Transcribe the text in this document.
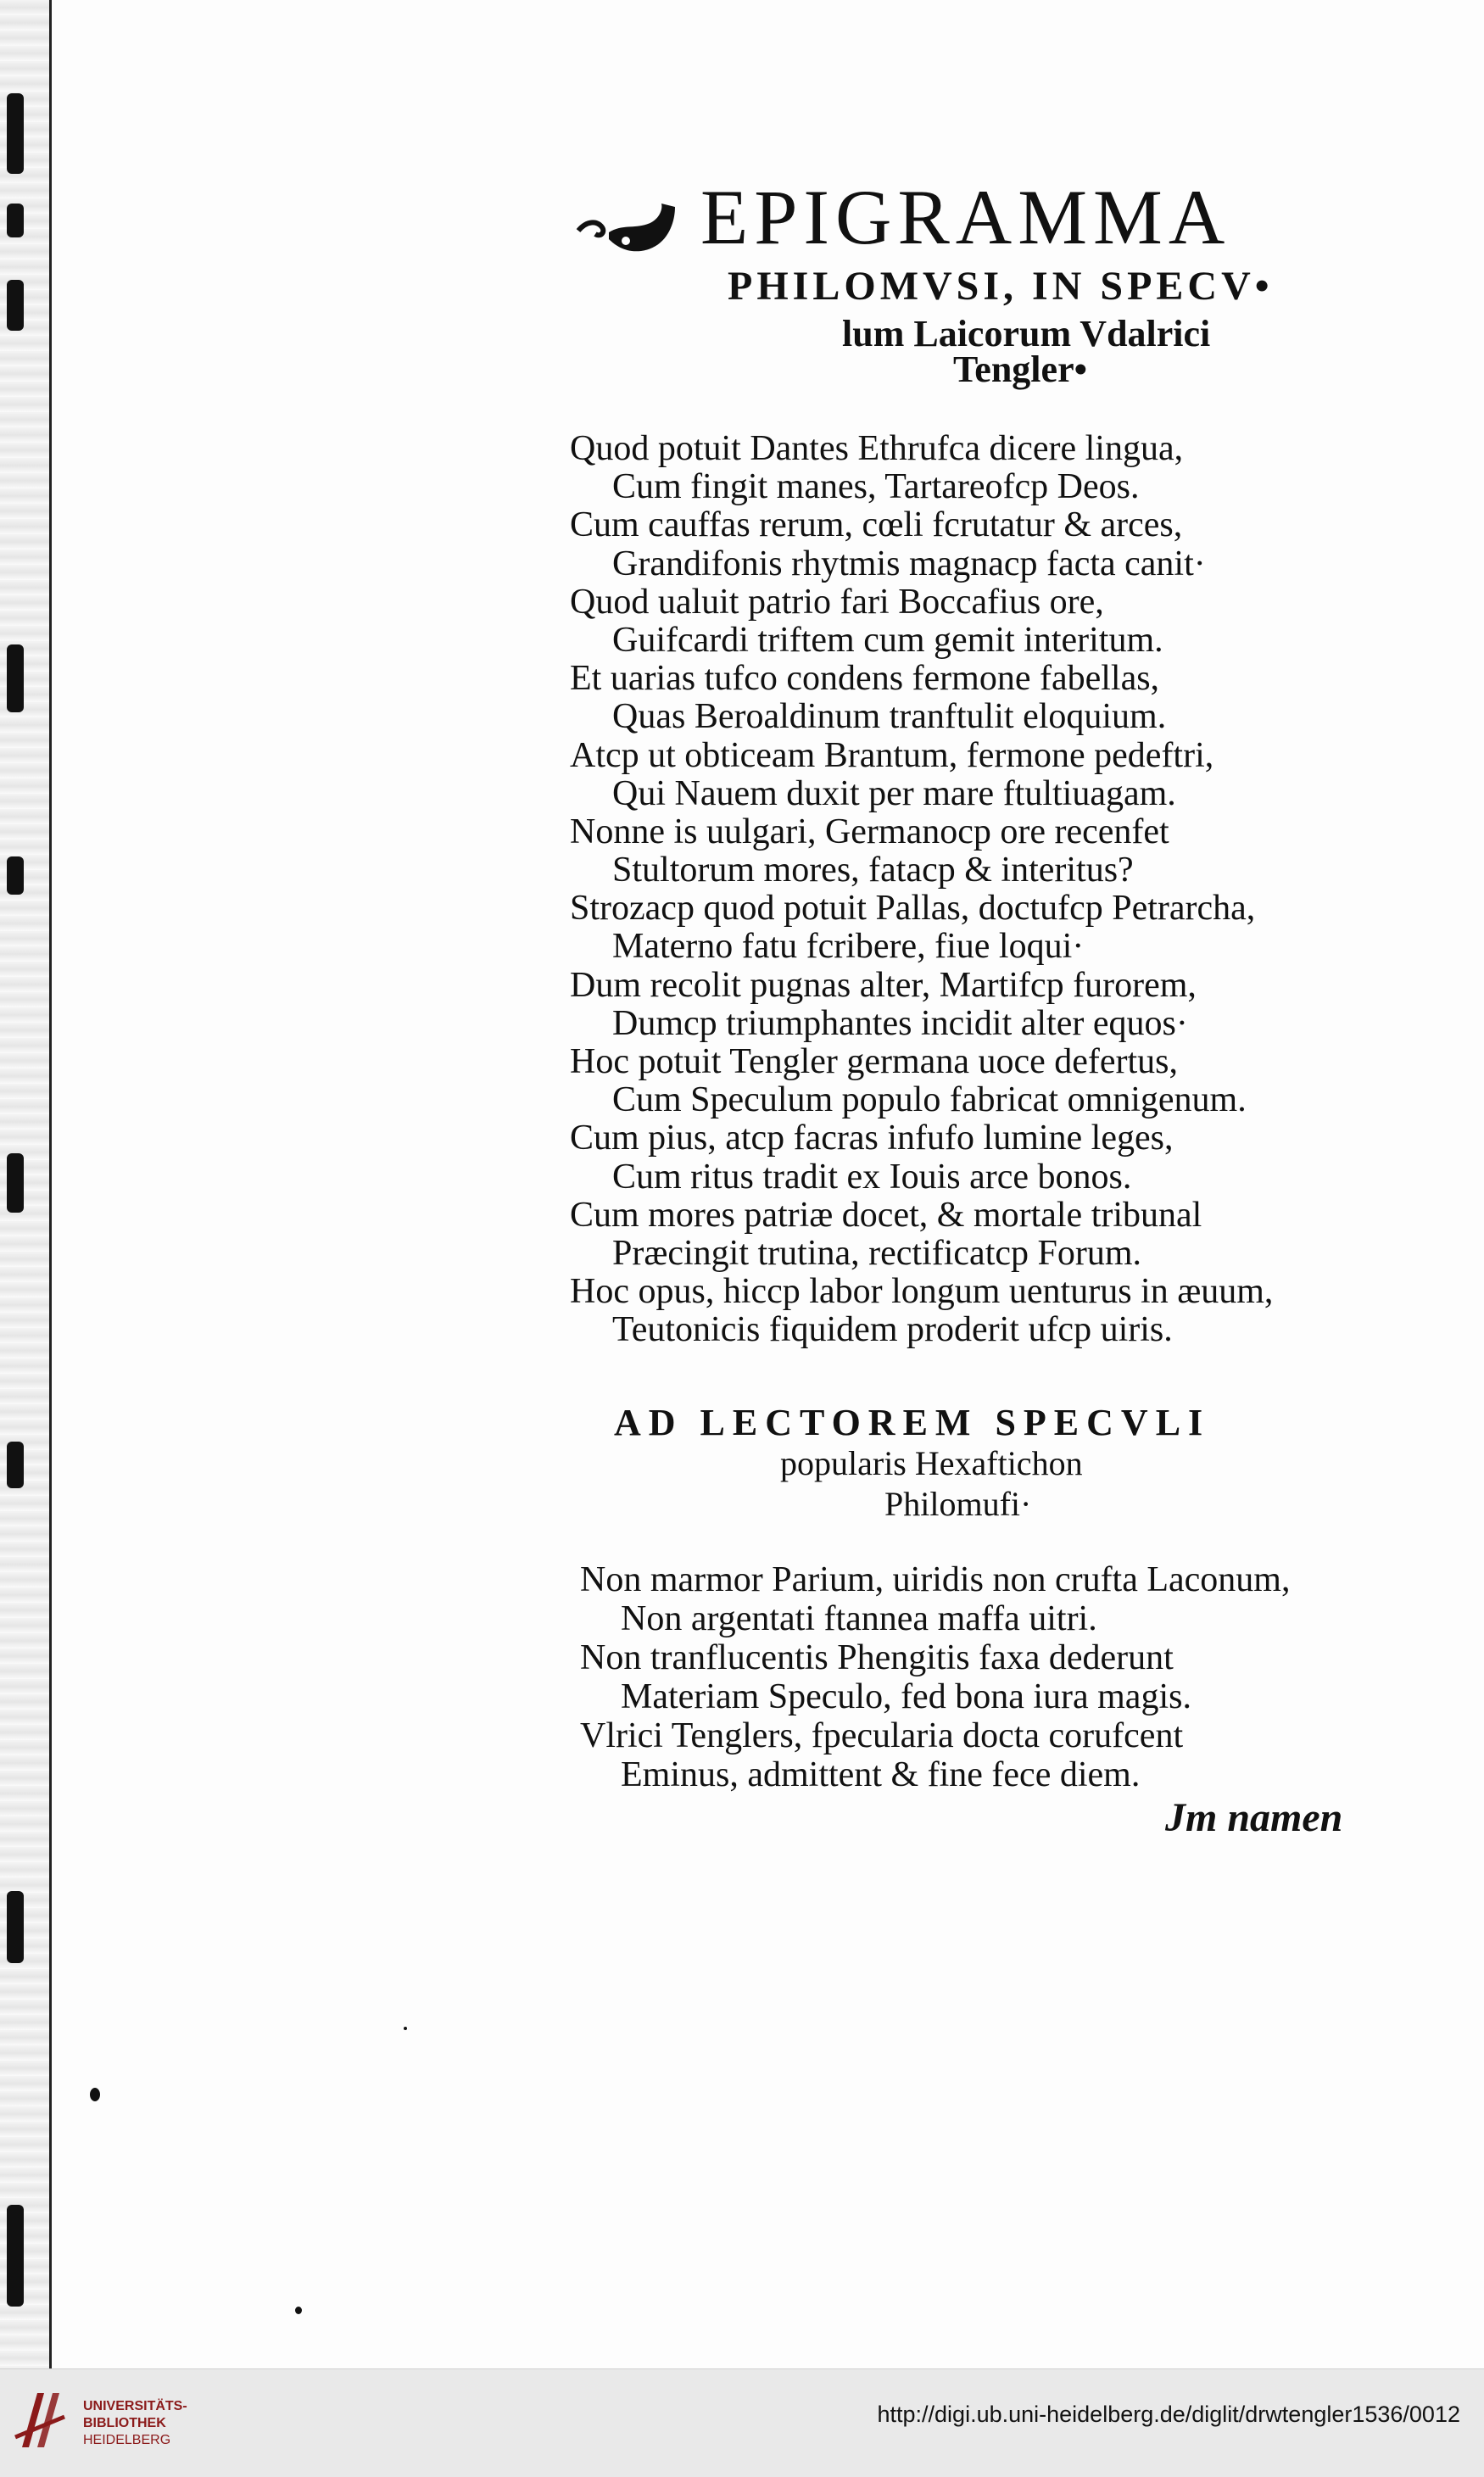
EPIGRAMMA
PHILOMVSI, IN SPECV•
lum Laicorum Vdalrici
Tengler•
Quod potuit Dantes Ethrufca dicere lingua,
Cum fingit manes, Tartareofcp Deos.
Cum cauffas rerum, cœli fcrutatur & arces,
Grandifonis rhytmis magnacp facta canit·
Quod ualuit patrio fari Boccafius ore,
Guifcardi triftem cum gemit interitum.
Et uarias tufco condens fermone fabellas,
Quas Beroaldinum tranftulit eloquium.
Atcp ut obticeam Brantum, fermone pedeftri,
Qui Nauem duxit per mare ftultiuagam.
Nonne is uulgari, Germanocp ore recenfet
Stultorum mores, fatacp & interitus?
Strozacp quod potuit Pallas, doctufcp Petrarcha,
Materno fatu fcribere, fiue loqui·
Dum recolit pugnas alter, Martifcp furorem,
Dumcp triumphantes incidit alter equos·
Hoc potuit Tengler germana uoce defertus,
Cum Speculum populo fabricat omnigenum.
Cum pius, atcp facras infufo lumine leges,
Cum ritus tradit ex Iouis arce bonos.
Cum mores patriæ docet, & mortale tribunal
Præcingit trutina, rectificatcp Forum.
Hoc opus, hiccp labor longum uenturus in æuum,
Teutonicis fiquidem proderit ufcp uiris.
AD LECTOREM SPECVLI
popularis Hexaftichon
Philomufi·
Non marmor Parium, uiridis non crufta Laconum,
Non argentati ftannea maffa uitri.
Non tranflucentis Phengitis faxa dederunt
Materiam Speculo, fed bona iura magis.
Vlrici Tenglers, fpecularia docta corufcent
Eminus, admittent & fine fece diem.
Jm namen
UNIVERSITÄTS-
BIBLIOTHEK
HEIDELBERG
http://digi.ub.uni-heidelberg.de/diglit/drwtengler1536/0012
